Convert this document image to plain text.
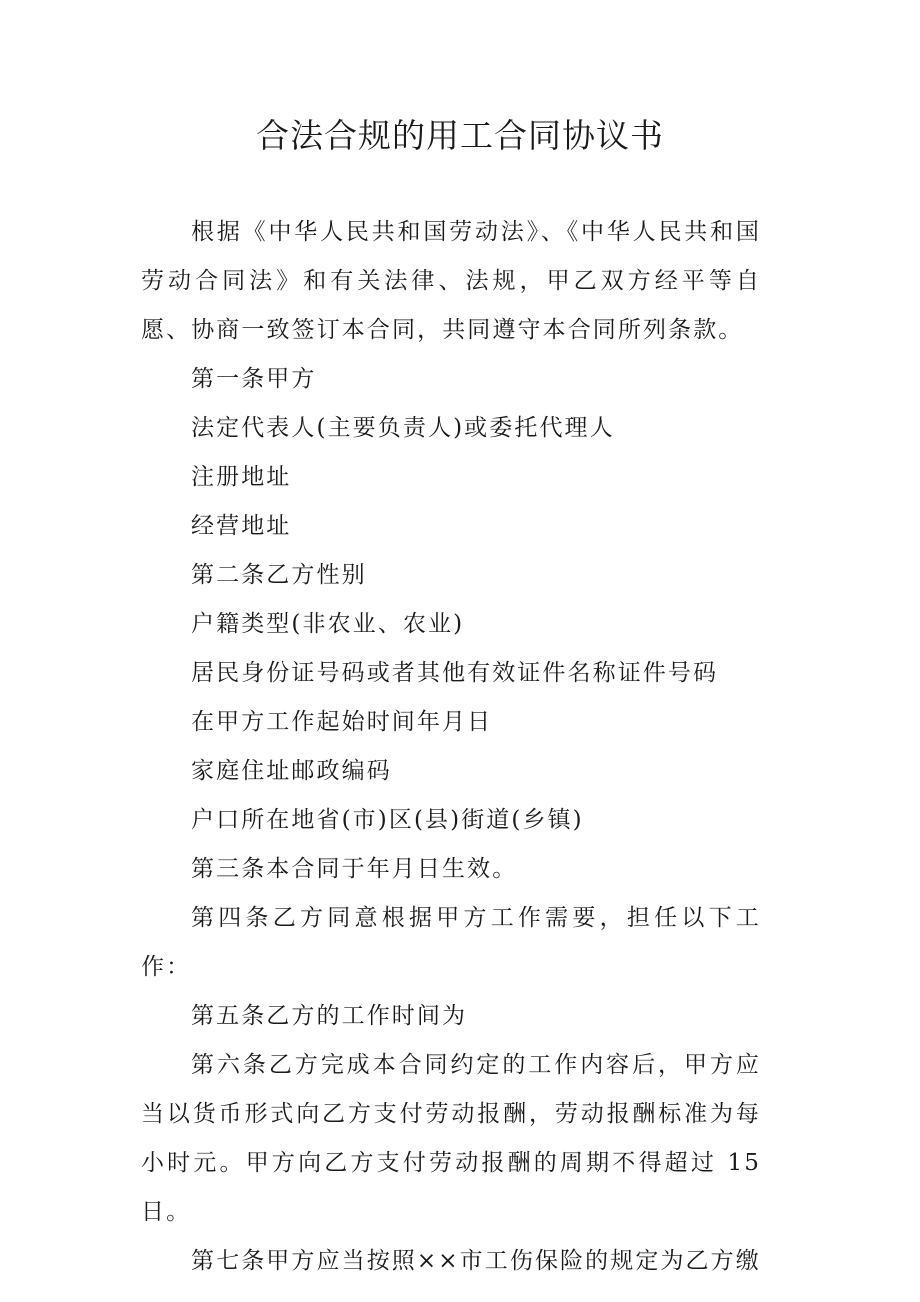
合法合规的用工合同协议书

根据《中华人民共和国劳动法》、《中华人民共和国劳动合同法》和有关法律、法规，甲乙双方经平等自愿、协商一致签订本合同，共同遵守本合同所列条款。

第一条甲方

法定代表人(主要负责人)或委托代理人

注册地址

经营地址

第二条乙方性别

户籍类型(非农业、农业)

居民身份证号码或者其他有效证件名称证件号码

在甲方工作起始时间年月日

家庭住址邮政编码

户口所在地省(市)区(县)街道(乡镇)

第三条本合同于年月日生效。

第四条乙方同意根据甲方工作需要，担任以下工作：

第五条乙方的工作时间为

第六条乙方完成本合同约定的工作内容后，甲方应当以货币形式向乙方支付劳动报酬，劳动报酬标准为每小时元。甲方向乙方支付劳动报酬的周期不得超过 15 日。

第七条甲方应当按照××市工伤保险的规定为乙方缴
